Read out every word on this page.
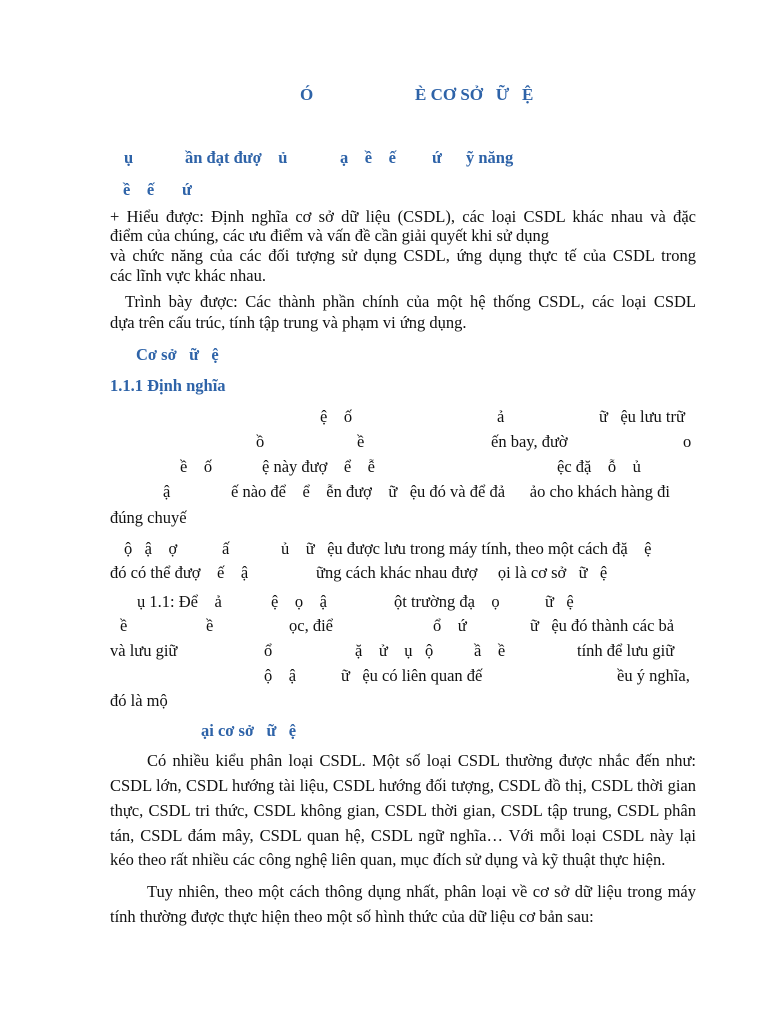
Ó	È CƠ SỞ   Ữ   Ệ
ụ	ần đạt đượ    ủ	ạ    ề    ế ứ ỹ năng
ề    ế ứ
+ Hiểu được: Định nghĩa cơ sở dữ liệu (CSDL), các loại CSDL khác nhau và đặc
điểm của chúng, các ưu điểm và vấn đề cần giải quyết khi sử dụng
và chức năng của các đối tượng sử dụng CSDL, ứng dụng thực tế của CSDL trong
các lĩnh vực khác nhau.
Trình bày được: Các thành phần chính của một hệ thống CSDL, các loại CSDL
dựa trên cấu trúc, tính tập trung và phạm vi ứng dụng.
Cơ sở   ữ   ệ
1.1.1 Định nghĩa
ệ    ố	ả	ữ   ệu lưu trữ
ồ	ề	ến bay, đườ	o
ề    ố	ệ này đượ    ể    ễ	ệc đặ    ỗ    ủ
ậ	ế nào để    ể    ễn đượ    ữ   ệu đó và để đả      ảo cho khách hàng đi
đúng chuyế
ộ   ậ    ợ	ấ	ủ    ữ   ệu được lưu trong máy tính, theo một cách đặ    ệ
đó có thể đượ    ế    ậ	ững cách khác nhau đượ     ọi là cơ sở   ữ   ệ
ụ 1.1: Để    ả	ệ    ọ    ậ	ột trường đạ    ọ	ữ   ệ
ề	ề	ọc, điể	ổ    ứ	ữ   ệu đó thành các bả
và lưu giữ	ổ	ặ    ử    ụ ộ ầ    ề	tính để lưu giữ
ộ    ậ	ữ   ệu có liên quan đế	ều ý nghĩa,
đó là mộ
ại cơ sở   ữ   ệ
Có nhiều kiểu phân loại CSDL. Một số loại CSDL thường được nhắc đến như:
CSDL lớn, CSDL hướng tài liệu, CSDL hướng đối tượng, CSDL đồ thị, CSDL thời gian
thực, CSDL tri thức, CSDL không gian, CSDL thời gian, CSDL tập trung, CSDL phân
tán, CSDL đám mây, CSDL quan hệ, CSDL ngữ nghĩa… Với mỗi loại CSDL này lại
kéo theo rất nhiều các công nghệ liên quan, mục đích sử dụng và kỹ thuật thực hiện.
Tuy nhiên, theo một cách thông dụng nhất, phân loại về cơ sở dữ liệu trong máy
tính thường được thực hiện theo một số hình thức của dữ liệu cơ bản sau:
